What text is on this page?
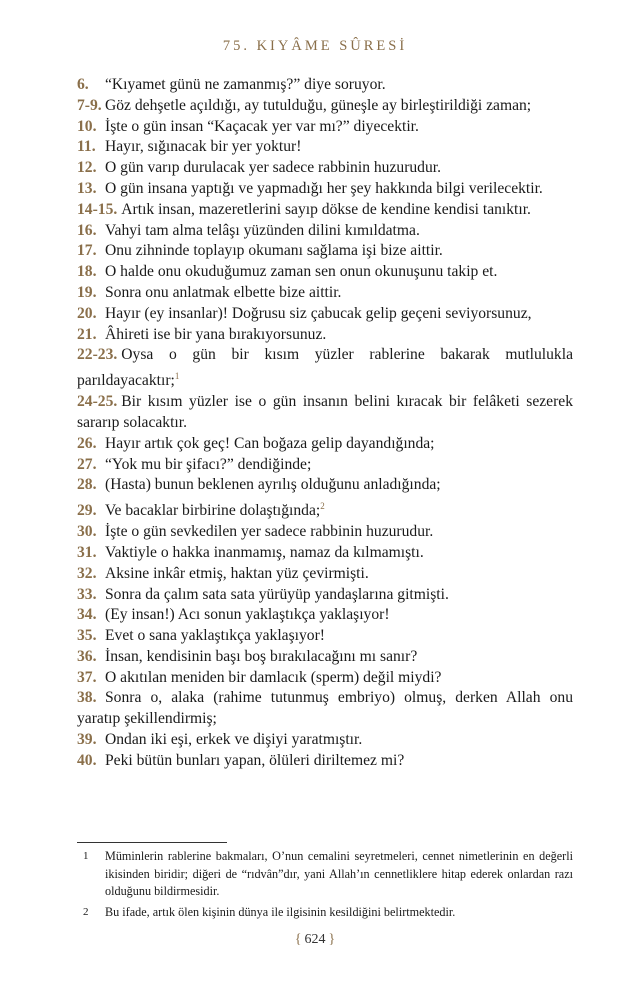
75. KIYÂME SÛRESİ
6. “Kıyamet günü ne zamanmış?” diye soruyor.
7-9. Göz dehşetle açıldığı, ay tutulduğu, güneşle ay birleştirildiği zaman;
10. İşte o gün insan “Kaçacak yer var mı?” diyecektir.
11. Hayır, sığınacak bir yer yoktur!
12. O gün varıp durulacak yer sadece rabbinin huzurudur.
13. O gün insana yaptığı ve yapmadığı her şey hakkında bilgi verilecektir.
14-15. Artık insan, mazeretlerini sayıp dökse de kendine kendisi tanıktır.
16. Vahyi tam alma telâşı yüzünden dilini kımıldatma.
17. Onu zihninde toplayıp okumanı sağlama işi bize aittir.
18. O halde onu okuduğumuz zaman sen onun okunuşunu takip et.
19. Sonra onu anlatmak elbette bize aittir.
20. Hayır (ey insanlar)! Doğrusu siz çabucak gelip geçeni seviyorsunuz,
21. Âhireti ise bir yana bırakıyorsunuz.
22-23. Oysa o gün bir kısım yüzler rablerine bakarak mutlulukla parıldayacaktır;$^1$
24-25. Bir kısım yüzler ise o gün insanın belini kıracak bir felâketi sezerek sararıp solacaktır.
26. Hayır artık çok geç! Can boğaza gelip dayandığında;
27. “Yok mu bir şifacı?” dendiğinde;
28. (Hasta) bunun beklenen ayrılış olduğunu anladığında;
29. Ve bacaklar birbirine dolaştığında;$^2$
30. İşte o gün sevkedilen yer sadece rabbinin huzurudur.
31. Vaktiyle o hakka inanmamış, namaz da kılmamıştı.
32. Aksine inkâr etmiş, haktan yüz çevirmişti.
33. Sonra da çalım sata sata yürüyüp yandaşlarına gitmişti.
34. (Ey insan!) Acı sonun yaklaştıkça yaklaşıyor!
35. Evet o sana yaklaştıkça yaklaşıyor!
36. İnsan, kendisinin başı boş bırakılacağını mı sanır?
37. O akıtılan meniden bir damlacık (sperm) değil miydi?
38. Sonra o, alaka (rahime tutunmuş embriyo) olmuş, derken Allah onu yaratıp şekillendirmiş;
39. Ondan iki eşi, erkek ve dişiyi yaratmıştır.
40. Peki bütün bunları yapan, ölüleri diriltemez mi?
1	Müminlerin rablerine bakmaları, O’nun cemalini seyretmeleri, cennet nimetlerinin en değerli ikisinden biridir; diğeri de “rıdvân”dır, yani Allah’ın cennetliklere hitap ederek onlardan razı olduğunu bildirmesidir.
2	Bu ifade, artık ölen kişinin dünya ile ilgisinin kesildiğini belirtmektedir.
{ 624 }
